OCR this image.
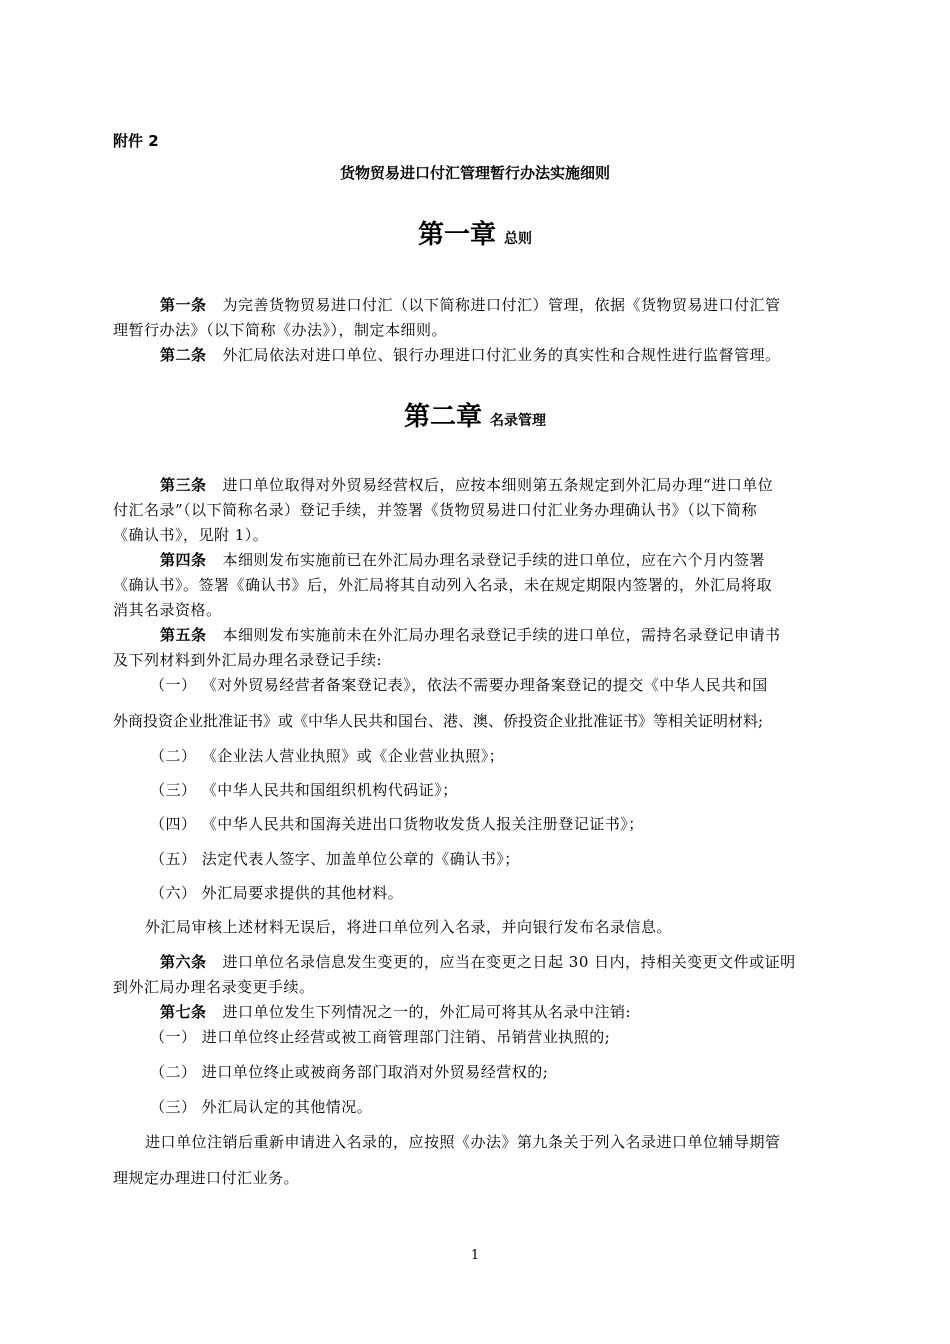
附件 2
货物贸易进口付汇管理暂行办法实施细则
第一章 总则
第一条 为完善货物贸易进口付汇（以下简称进口付汇）管理，依据《货物贸易进口付汇管
理暂行办法》（以下简称《办法》），制定本细则。
第二条 外汇局依法对进口单位、银行办理进口付汇业务的真实性和合规性进行监督管理。
第二章 名录管理
第三条 进口单位取得对外贸易经营权后，应按本细则第五条规定到外汇局办理“进口单位
付汇名录”（以下简称名录）登记手续，并签署《货物贸易进口付汇业务办理确认书》（以下简称
《确认书》，见附 1）。
第四条 本细则发布实施前已在外汇局办理名录登记手续的进口单位，应在六个月内签署
《确认书》。签署《确认书》后，外汇局将其自动列入名录，未在规定期限内签署的，外汇局将取
消其名录资格。
第五条 本细则发布实施前未在外汇局办理名录登记手续的进口单位，需持名录登记申请书
及下列材料到外汇局办理名录登记手续:
（一） 《对外贸易经营者备案登记表》，依法不需要办理备案登记的提交《中华人民共和国
外商投资企业批准证书》或《中华人民共和国台、港、澳、侨投资企业批准证书》等相关证明材料;
（二） 《企业法人营业执照》或《企业营业执照》；
（三） 《中华人民共和国组织机构代码证》；
（四） 《中华人民共和国海关进出口货物收发货人报关注册登记证书》；
（五） 法定代表人签字、加盖单位公章的《确认书》；
（六） 外汇局要求提供的其他材料。
外汇局审核上述材料无误后，将进口单位列入名录，并向银行发布名录信息。
第六条 进口单位名录信息发生变更的，应当在变更之日起 30 日内，持相关变更文件或证明
到外汇局办理名录变更手续。
第七条 进口单位发生下列情况之一的，外汇局可将其从名录中注销:
（一） 进口单位终止经营或被工商管理部门注销、吊销营业执照的;
（二） 进口单位终止或被商务部门取消对外贸易经营权的;
（三） 外汇局认定的其他情况。
进口单位注销后重新申请进入名录的，应按照《办法》第九条关于列入名录进口单位辅导期管
理规定办理进口付汇业务。
1
